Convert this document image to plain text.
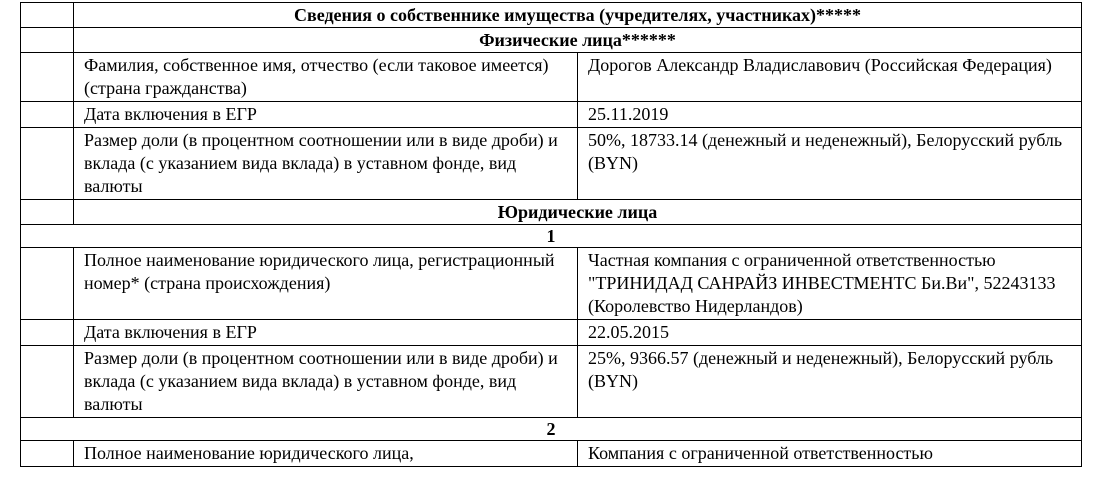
	Сведения о собственнике имущества (учредителях, участниках)*****	
	Физические лица******	
	Фамилия, собственное имя, отчество (если таковое имеется) (страна гражданства)	Дорогов Александр Владиславович (Российская Федерация)
	Дата включения в ЕГР	25.11.2019
	Размер доли (в процентном соотношении или в виде дроби) и вклада (с указанием вида вклада) в уставном фонде, вид валюты	50%, 18733.14 (денежный и неденежный), Белорусский рубль (BYN)
	Юридические лица	
1		
	Полное наименование юридического лица, регистрационный номер* (страна происхождения)	Частная компания с ограниченной ответственностью "ТРИНИДАД САНРАЙЗ ИНВЕСТМЕНТС Би.Ви", 52243133 (Королевство Нидерландов)
	Дата включения в ЕГР	22.05.2015
	Размер доли (в процентном соотношении или в виде дроби) и вклада (с указанием вида вклада) в уставном фонде, вид валюты	25%, 9366.57 (денежный и неденежный), Белорусский рубль (BYN)
2		
	Полное наименование юридического лица,	Компания с ограниченной ответственностью
